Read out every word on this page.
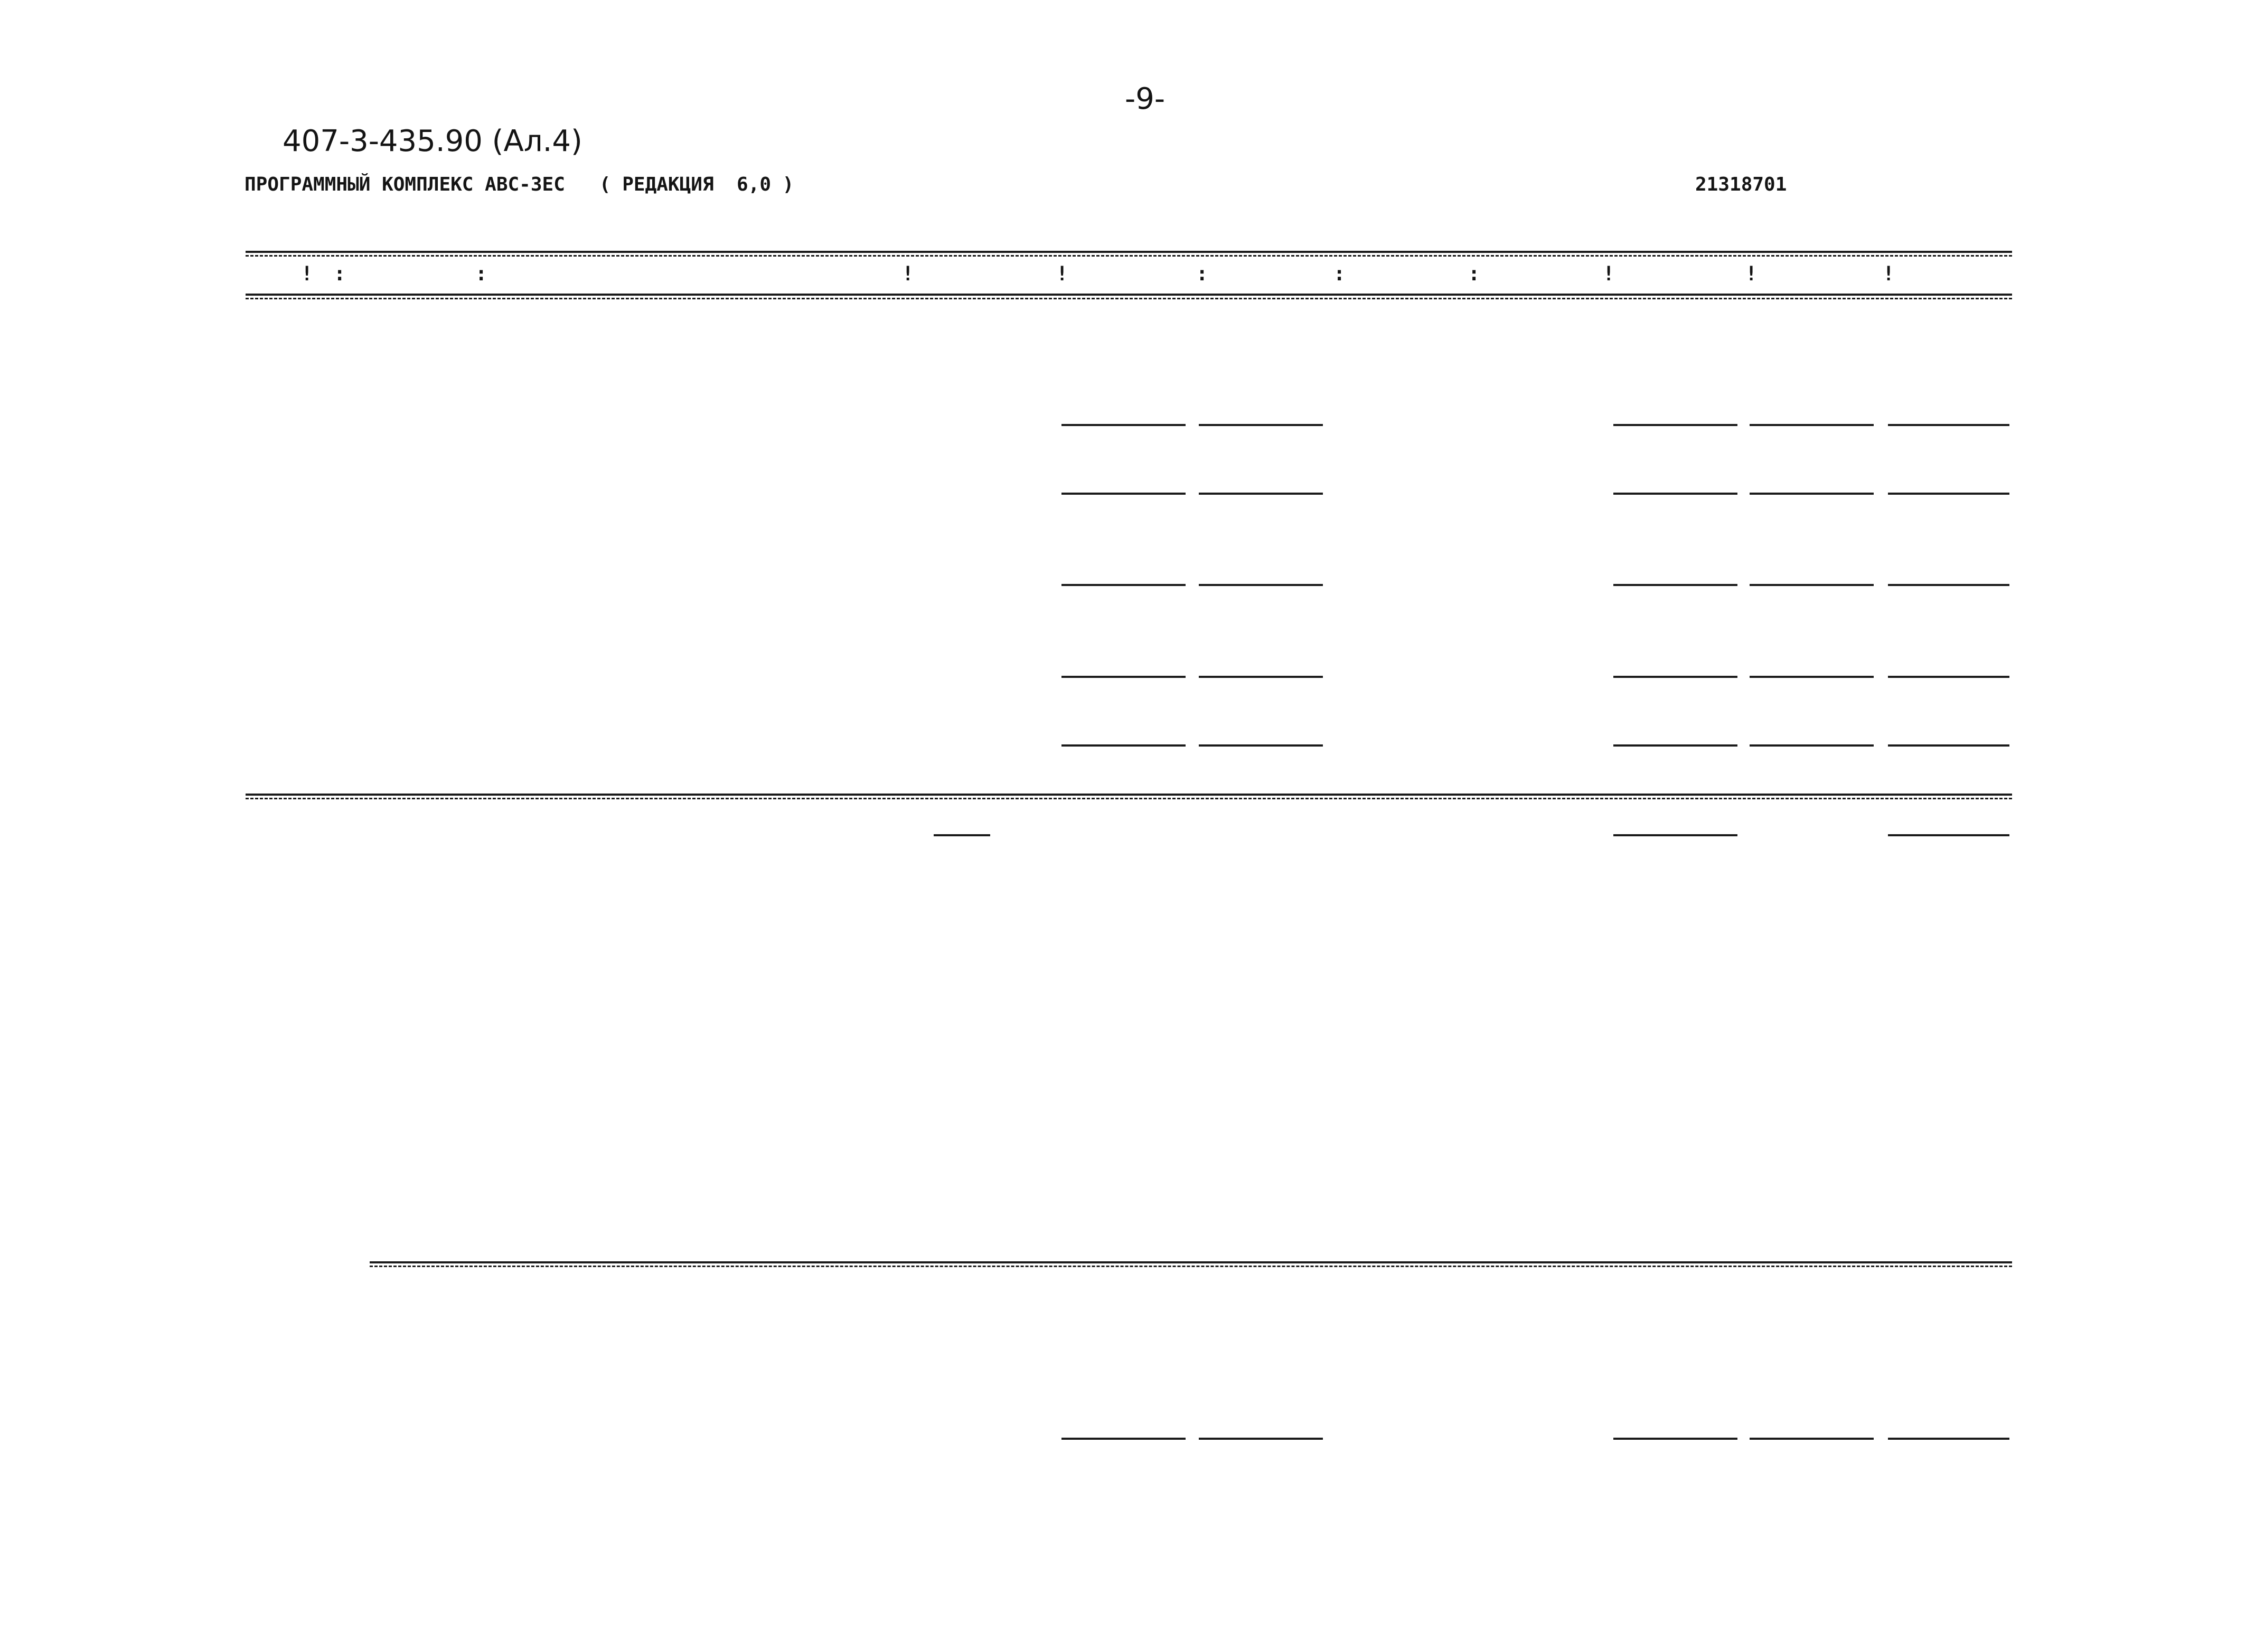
-9-
407-3-435.90 (Ал.4)
ПРОГРАММНЫЙ КОМПЛЕКС АВС-3ЕС   ( РЕДАКЦИЯ  6,0 )	21318701
! :	:	!	!	:	:	:	!	!	!
